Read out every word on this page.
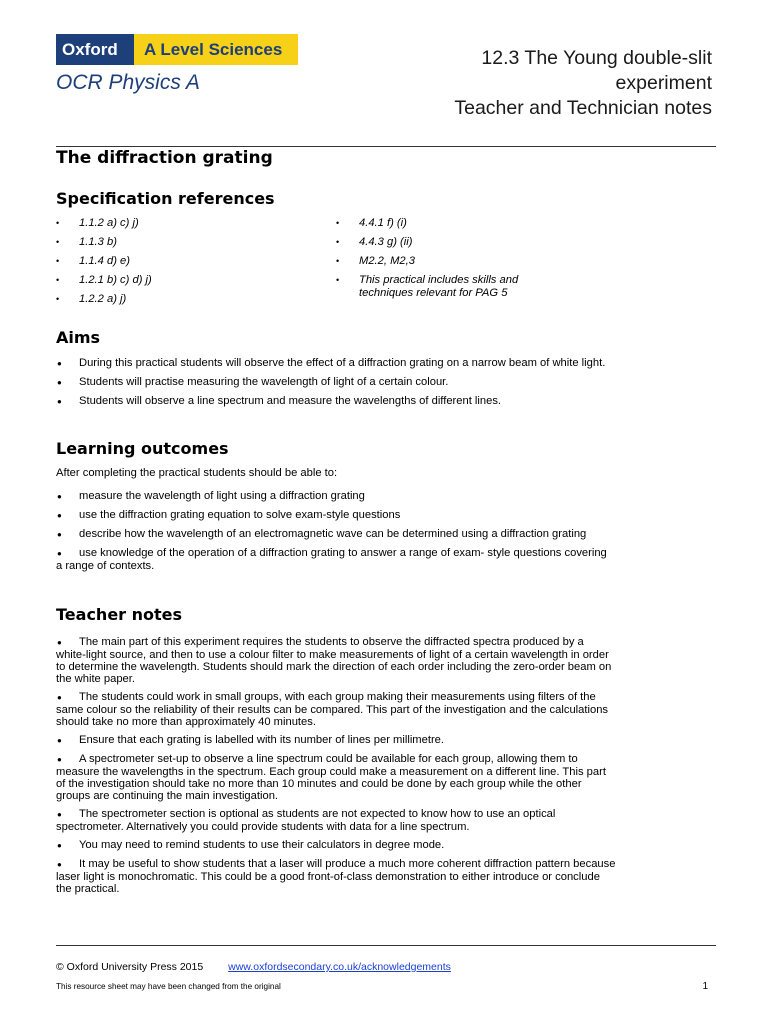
Oxford	A Level Sciences
OCR Physics A
12.3 The Young double-slit
experiment
Teacher and Technician notes
The diffraction grating
Specification references
• 1.1.2 a) c) j)
• 1.1.3 b)
• 1.1.4 d) e)
• 1.2.1 b) c) d) j)
• 1.2.2 a) j)
• 4.4.1 f) (i)
• 4.4.3 g) (ii)
• M2.2, M2,3
• This practical includes skills and techniques relevant for PAG 5
Aims
● During this practical students will observe the effect of a diffraction grating on a narrow beam of white light.
● Students will practise measuring the wavelength of light of a certain colour.
● Students will observe a line spectrum and measure the wavelengths of different lines.
Learning outcomes
After completing the practical students should be able to:
● measure the wavelength of light using a diffraction grating
● use the diffraction grating equation to solve exam-style questions
● describe how the wavelength of an electromagnetic wave can be determined using a diffraction grating
● use knowledge of the operation of a diffraction grating to answer a range of exam- style questions covering a range of contexts.
Teacher notes
● The main part of this experiment requires the students to observe the diffracted spectra produced by a white-light source, and then to use a colour filter to make measurements of light of a certain wavelength in order to determine the wavelength. Students should mark the direction of each order including the zero-order beam on the white paper.
● The students could work in small groups, with each group making their measurements using filters of the same colour so the reliability of their results can be compared. This part of the investigation and the calculations should take no more than approximately 40 minutes.
● Ensure that each grating is labelled with its number of lines per millimetre.
● A spectrometer set-up to observe a line spectrum could be available for each group, allowing them to measure the wavelengths in the spectrum. Each group could make a measurement on a different line. This part of the investigation should take no more than 10 minutes and could be done by each group while the other groups are continuing the main investigation.
● The spectrometer section is optional as students are not expected to know how to use an optical spectrometer. Alternatively you could provide students with data for a line spectrum.
● You may need to remind students to use their calculators in degree mode.
● It may be useful to show students that a laser will produce a much more coherent diffraction pattern because laser light is monochromatic. This could be a good front-of-class demonstration to either introduce or conclude the practical.
© Oxford University Press 2015 www.oxfordsecondary.co.uk/acknowledgements
This resource sheet may have been changed from the original	1
